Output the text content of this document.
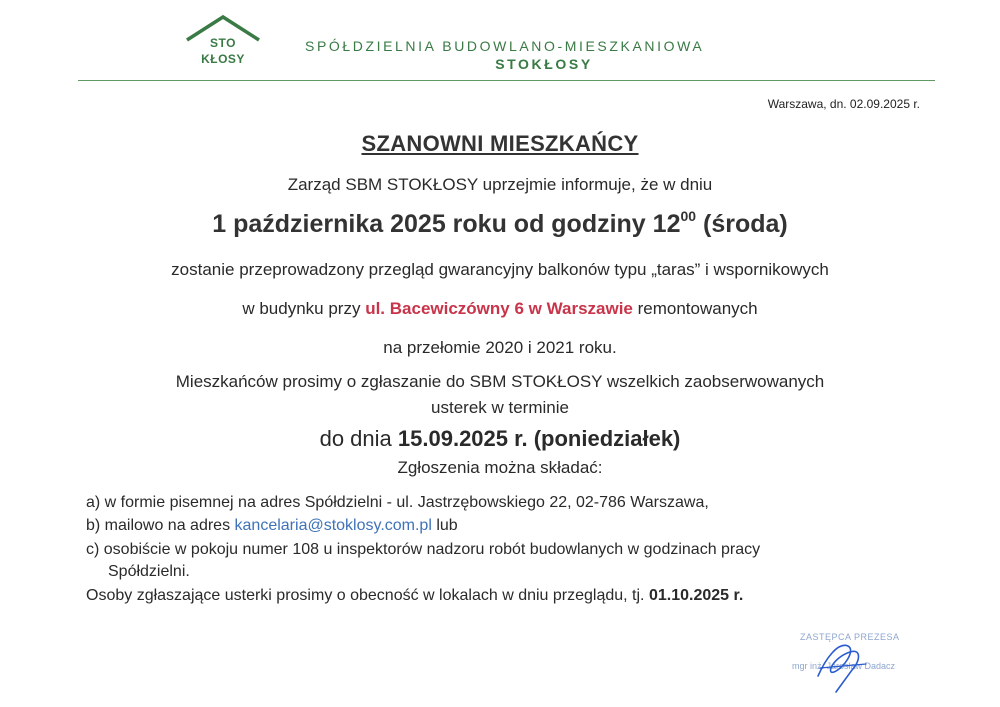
STO
KŁOSY
SPÓŁDZIELNIA BUDOWLANO-MIESZKANIOWA
STOKŁOSY
Warszawa, dn. 02.09.2025 r.
SZANOWNI MIESZKAŃCY
Zarząd SBM STOKŁOSY uprzejmie informuje, że w dniu
1 października 2025 roku od godziny $12^{00}$ (środa)
zostanie przeprowadzony przegląd gwarancyjny balkonów typu „taras” i wspornikowych
w budynku przy ul. Bacewiczówny 6 w Warszawie remontowanych
na przełomie 2020 i 2021 roku.
Mieszkańców prosimy o zgłaszanie do SBM STOKŁOSY wszelkich zaobserwowanych
usterek w terminie
do dnia 15.09.2025 r. (poniedziałek)
Zgłoszenia można składać:
a) w formie pisemnej na adres Spółdzielni - ul. Jastrzębowskiego 22, 02-786 Warszawa,
b) mailowo na adres kancelaria@stoklosy.com.pl lub
c) osobiście w pokoju numer 108 u inspektorów nadzoru robót budowlanych w godzinach pracy
Spółdzielni.
Osoby zgłaszające usterki prosimy o obecność w lokalach w dniu przeglądu, tj. 01.10.2025 r.
ZASTĘPCA PREZESA
mgr inż. Jarosław Dadacz
